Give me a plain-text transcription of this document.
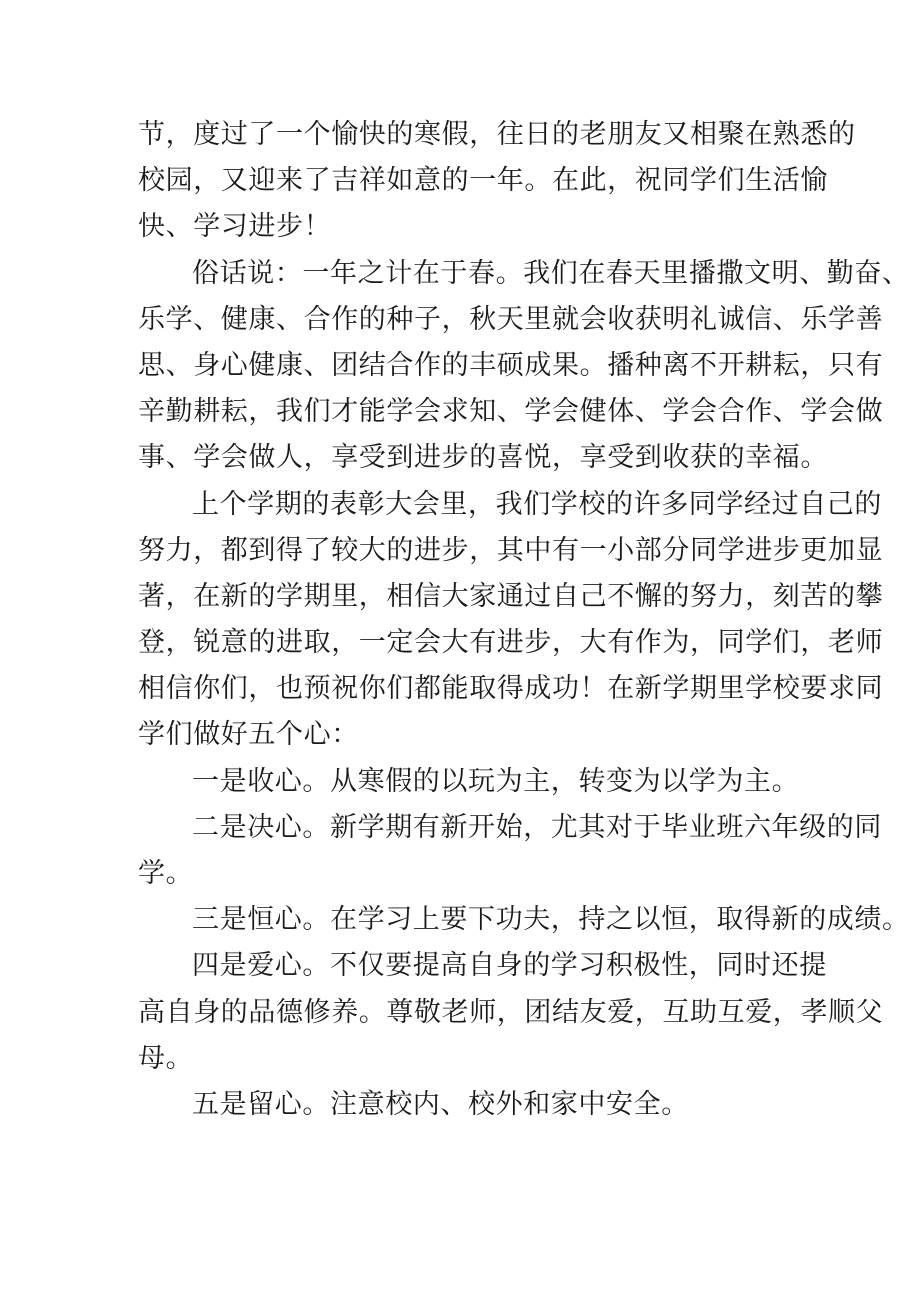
节，度过了一个愉快的寒假，往日的老朋友又相聚在熟悉的
校园，又迎来了吉祥如意的一年。在此，祝同学们生活愉
快、学习进步！
俗话说：一年之计在于春。我们在春天里播撒文明、勤奋、
乐学、健康、合作的种子，秋天里就会收获明礼诚信、乐学善
思、身心健康、团结合作的丰硕成果。播种离不开耕耘，只有
辛勤耕耘，我们才能学会求知、学会健体、学会合作、学会做
事、学会做人，享受到进步的喜悦，享受到收获的幸福。
上个学期的表彰大会里，我们学校的许多同学经过自己的
努力，都到得了较大的进步，其中有一小部分同学进步更加显
著，在新的学期里，相信大家通过自己不懈的努力，刻苦的攀
登，锐意的进取，一定会大有进步，大有作为，同学们，老师
相信你们，也预祝你们都能取得成功！在新学期里学校要求同
学们做好五个心：
一是收心。从寒假的以玩为主，转变为以学为主。
二是决心。新学期有新开始，尤其对于毕业班六年级的同
学。
三是恒心。在学习上要下功夫，持之以恒，取得新的成绩。
四是爱心。不仅要提高自身的学习积极性，同时还提
高自身的品德修养。尊敬老师，团结友爱，互助互爱，孝顺父
母。
五是留心。注意校内、校外和家中安全。
